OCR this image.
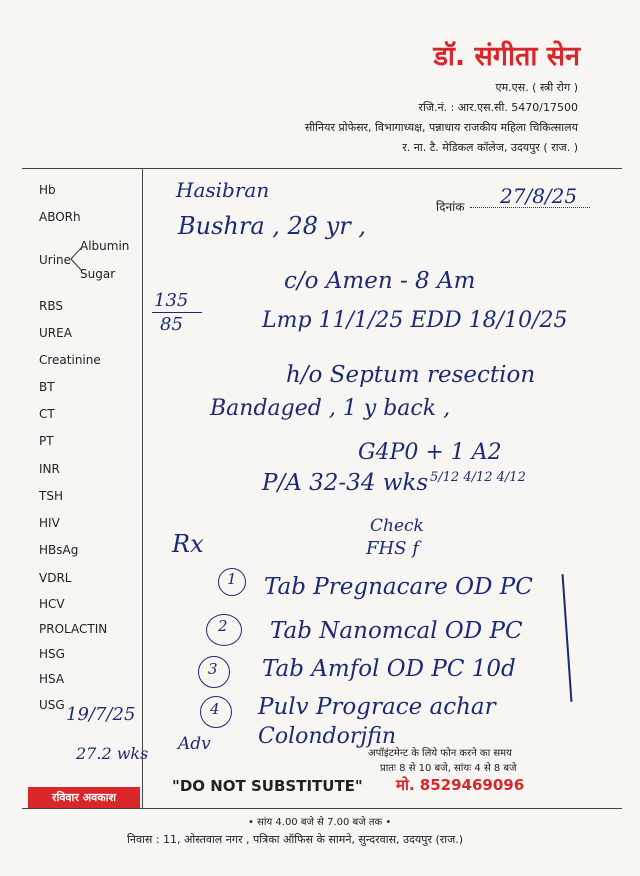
डॉ. संगीता सेन
एम.एस. ( स्त्री रोग )
रजि.नं. : आर.एस.सी. 5470/17500
सीनियर प्रोफेसर, विभागाध्यक्ष, पन्नाधाय राजकीय महिला चिकित्सालय
र. ना. टै. मेडिकल कॉलेज, उदयपुर ( राज. )
दिनांक 27/8/25
Hb
ABORh
Urine
Albumin
Sugar
RBS
UREA
Creatinine
BT
CT
PT
INR
TSH
HIV
HBsAg
VDRL
HCV
PROLACTIN
HSG
HSA
USG
Hasibran
Bushra , 28 yr ,
135
85
c/o Amen - 8 Am
Lmp 11/1/25 EDD 18/10/25
h/o Septum resection
Bandaged , 1 y back ,
G4P0 + 1 A2
5/12 4/12 4/12
P/A 32-34 wks
Check
FHS f
Rx
1 Tab Pregnacare OD PC
2 Tab Nanomcal OD PC
3 Tab Amfol OD PC 10d
4 Pulv Prograce achar
Adv Colondorjfin
19/7/25
27.2 wks	अपॉइंटमेन्ट के लिये फोन करने का समय
प्रातः 8 से 10 बजे, सांयः 4 से 8 बजे
"DO NOT SUBSTITUTE" मो. 8529469096
रविवार अवकाश
• सांय 4.00 बजे से 7.00 बजे तक •
निवास : 11, ओस्तवाल नगर , पत्रिका ऑफिस के सामने, सुन्दरवास, उदयपुर (राज.)
